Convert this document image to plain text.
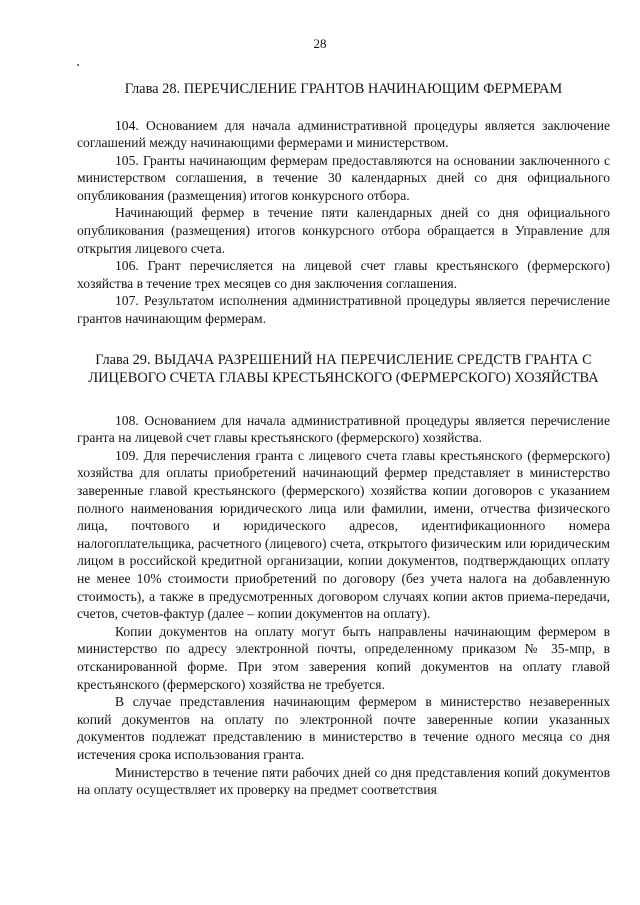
28
Глава 28. ПЕРЕЧИСЛЕНИЕ ГРАНТОВ НАЧИНАЮЩИМ ФЕРМЕРАМ

104. Основанием для начала административной процедуры является заключение соглашений между начинающими фермерами и министерством.

105. Гранты начинающим фермерам предоставляются на основании заключенного с министерством соглашения, в течение 30 календарных дней со дня официального опубликования (размещения) итогов конкурсного отбора.

Начинающий фермер в течение пяти календарных дней со дня официального опубликования (размещения) итогов конкурсного отбора обращается в Управление для открытия лицевого счета.

106. Грант перечисляется на лицевой счет главы крестьянского (фермерского) хозяйства в течение трех месяцев со дня заключения соглашения.

107. Результатом исполнения административной процедуры является перечисление грантов начинающим фермерам.

Глава 29. ВЫДАЧА РАЗРЕШЕНИЙ НА ПЕРЕЧИСЛЕНИЕ СРЕДСТВ ГРАНТА С ЛИЦЕВОГО СЧЕТА ГЛАВЫ КРЕСТЬЯНСКОГО (ФЕРМЕРСКОГО) ХОЗЯЙСТВА

108. Основанием для начала административной процедуры является перечисление гранта на лицевой счет главы крестьянского (фермерского) хозяйства.

109. Для перечисления гранта с лицевого счета главы крестьянского (фермерского) хозяйства для оплаты приобретений начинающий фермер представляет в министерство заверенные главой крестьянского (фермерского) хозяйства копии договоров с указанием полного наименования юридического лица или фамилии, имени, отчества физического лица, почтового и юридического адресов, идентификационного номера налогоплательщика, расчетного (лицевого) счета, открытого физическим или юридическим лицом в российской кредитной организации, копии документов, подтверждающих оплату не менее 10% стоимости приобретений по договору (без учета налога на добавленную стоимость), а также в предусмотренных договором случаях копии актов приема-передачи, счетов, счетов-фактур (далее – копии документов на оплату).

Копии документов на оплату могут быть направлены начинающим фермером в министерство по адресу электронной почты, определенному приказом № 35-мпр, в отсканированной форме. При этом заверения копий документов на оплату главой крестьянского (фермерского) хозяйства не требуется.

В случае представления начинающим фермером в министерство незаверенных копий документов на оплату по электронной почте заверенные копии указанных документов подлежат представлению в министерство в течение одного месяца со дня истечения срока использования гранта.

Министерство в течение пяти рабочих дней со дня представления копий документов на оплату осуществляет их проверку на предмет соответствия
